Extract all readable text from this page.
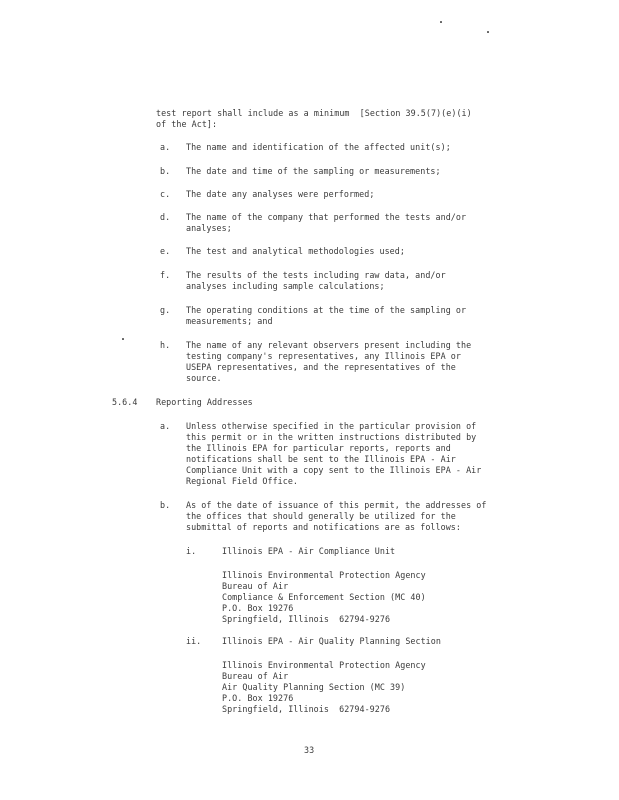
test report shall include as a minimum  [Section 39.5(7)(e)(i)
of the Act]:
a. The name and identification of the affected unit(s);
b. The date and time of the sampling or measurements;
c. The date any analyses were performed;
d. The name of the company that performed the tests and/or
analyses;
e. The test and analytical methodologies used;
f. The results of the tests including raw data, and/or
analyses including sample calculations;
g. The operating conditions at the time of the sampling or
measurements; and
h. The name of any relevant observers present including the
testing company's representatives, any Illinois EPA or
USEPA representatives, and the representatives of the
source.
5.6.4 Reporting Addresses
a. Unless otherwise specified in the particular provision of
this permit or in the written instructions distributed by
the Illinois EPA for particular reports, reports and
notifications shall be sent to the Illinois EPA - Air
Compliance Unit with a copy sent to the Illinois EPA - Air
Regional Field Office.
b. As of the date of issuance of this permit, the addresses of
the offices that should generally be utilized for the
submittal of reports and notifications are as follows:
i.	Illinois EPA - Air Compliance Unit
Illinois Environmental Protection Agency
Bureau of Air
Compliance & Enforcement Section (MC 40)
P.O. Box 19276
Springfield, Illinois  62794-9276
ii. Illinois EPA - Air Quality Planning Section
Illinois Environmental Protection Agency
Bureau of Air
Air Quality Planning Section (MC 39)
P.O. Box 19276
Springfield, Illinois  62794-9276
33
